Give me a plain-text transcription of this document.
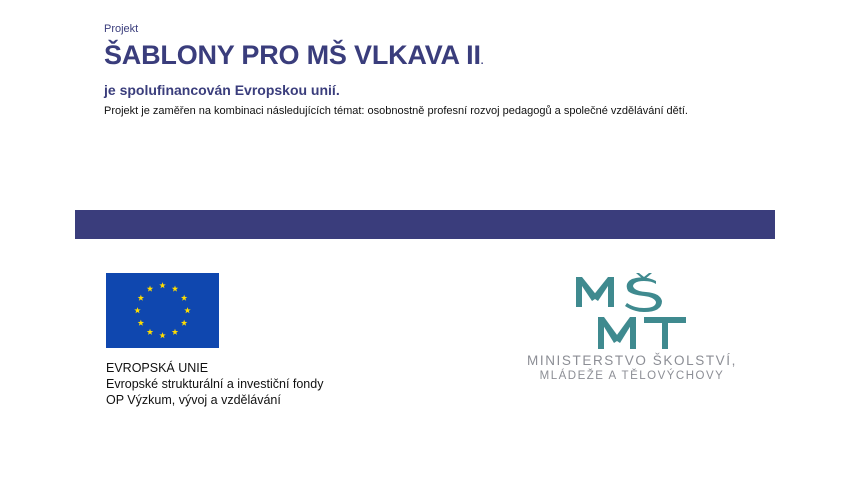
Projekt
ŠABLONY PRO MŠ VLKAVA II.
je spolufinancován Evropskou unií.
Projekt je zaměřen na kombinaci následujících témat: osobnostně profesní rozvoj pedagogů a společné vzdělávání dětí.
EVROPSKÁ UNIE
Evropské strukturální a investiční fondy
OP Výzkum, vývoj a vzdělávání
MINISTERSTVO ŠKOLSTVÍ,
MLÁDEŽE A TĚLOVÝCHOVY
